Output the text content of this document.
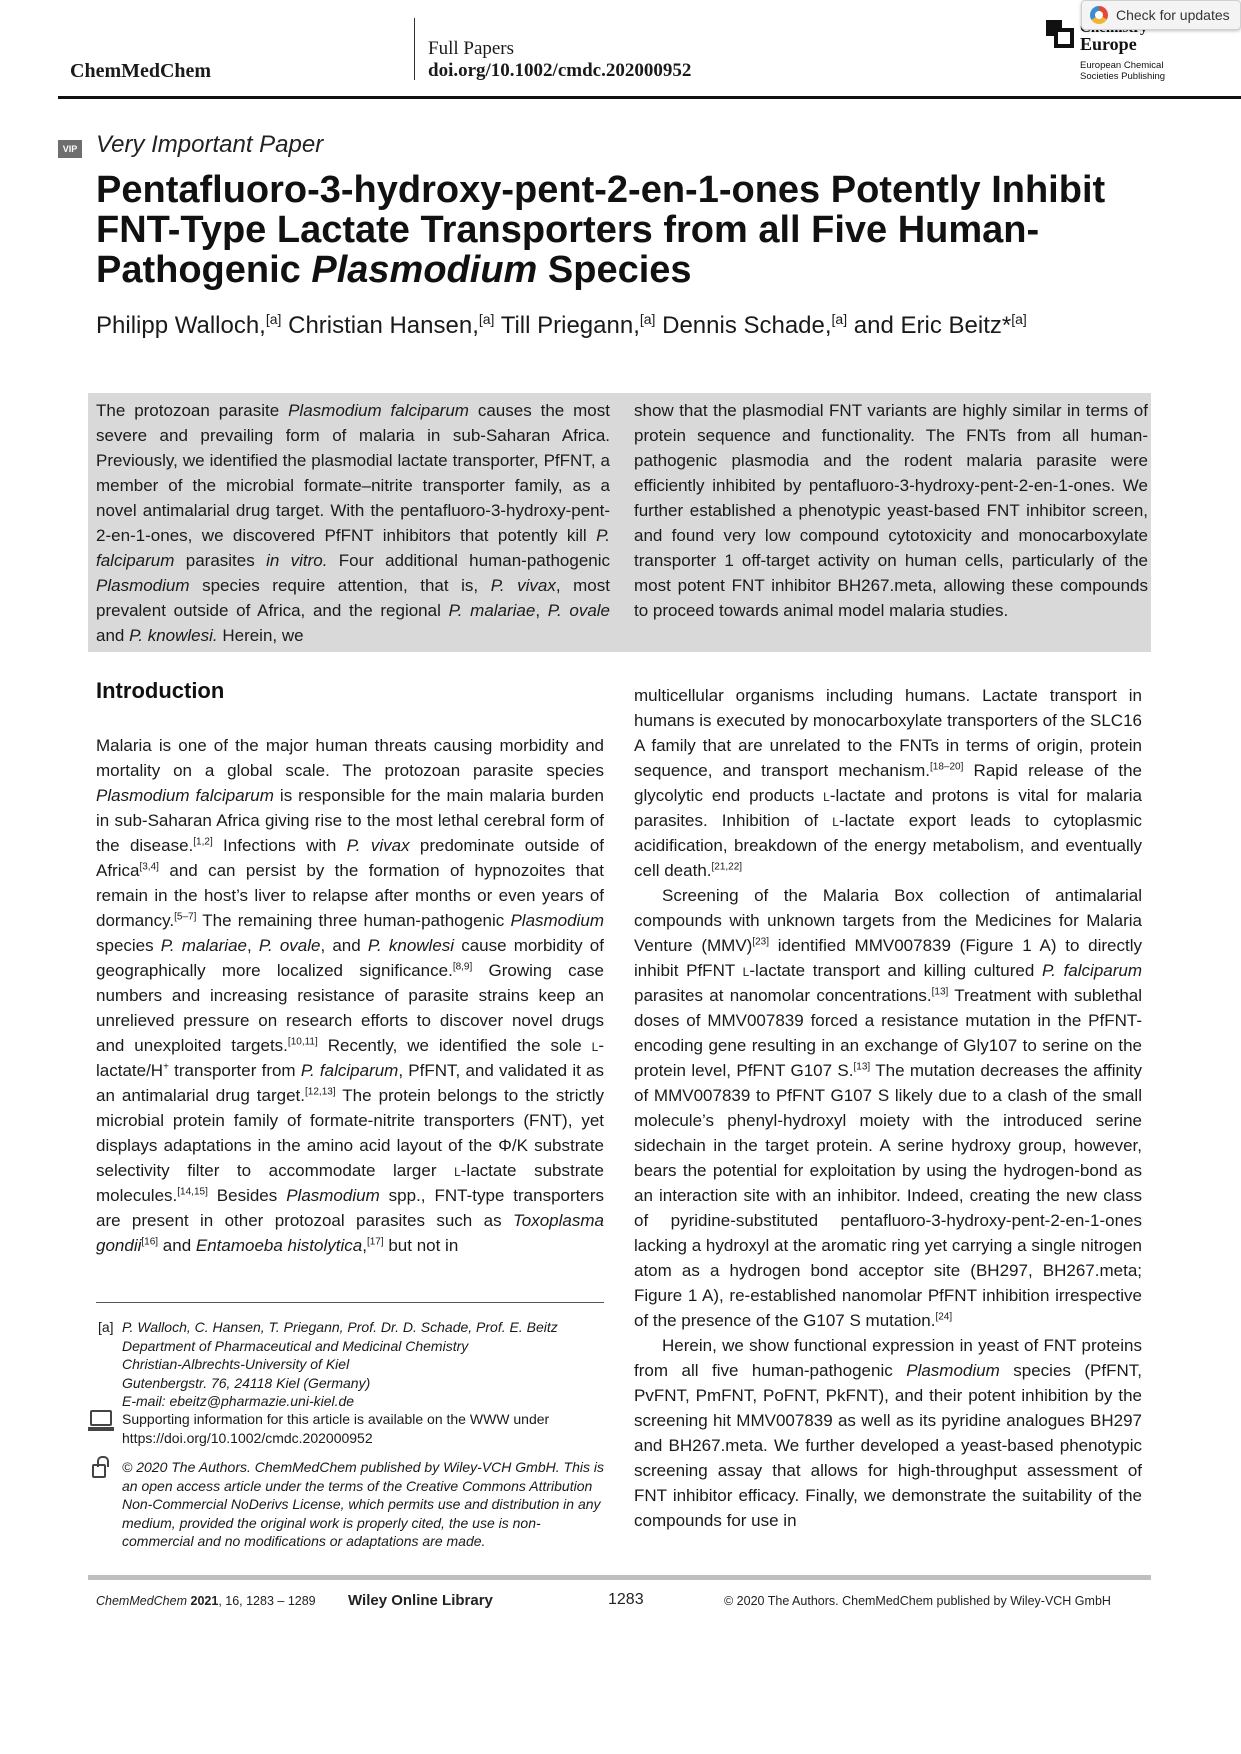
ChemMedChem
Full Papers
doi.org/10.1002/cmdc.202000952
Europe
European Chemical
Societies Publishing
Check for updates
VIP Very Important Paper
Pentafluoro-3-hydroxy-pent-2-en-1-ones Potently Inhibit FNT-Type Lactate Transporters from all Five Human-Pathogenic Plasmodium Species
Philipp Walloch,[a] Christian Hansen,[a] Till Priegann,[a] Dennis Schade,[a] and Eric Beitz*[a]
The protozoan parasite Plasmodium falciparum causes the most severe and prevailing form of malaria in sub-Saharan Africa. Previously, we identified the plasmodial lactate transporter, PfFNT, a member of the microbial formate–nitrite transporter family, as a novel antimalarial drug target. With the pentafluoro-3-hydroxy-pent-2-en-1-ones, we discovered PfFNT inhibitors that potently kill P. falciparum parasites in vitro. Four additional human-pathogenic Plasmodium species require attention, that is, P. vivax, most prevalent outside of Africa, and the regional P. malariae, P. ovale and P. knowlesi. Herein, we
show that the plasmodial FNT variants are highly similar in terms of protein sequence and functionality. The FNTs from all human-pathogenic plasmodia and the rodent malaria parasite were efficiently inhibited by pentafluoro-3-hydroxy-pent-2-en-1-ones. We further established a phenotypic yeast-based FNT inhibitor screen, and found very low compound cytotoxicity and monocarboxylate transporter 1 off-target activity on human cells, particularly of the most potent FNT inhibitor BH267.meta, allowing these compounds to proceed towards animal model malaria studies.
Introduction

Malaria is one of the major human threats causing morbidity and mortality on a global scale. The protozoan parasite species Plasmodium falciparum is responsible for the main malaria burden in sub-Saharan Africa giving rise to the most lethal cerebral form of the disease.[1,2] Infections with P. vivax predominate outside of Africa[3,4] and can persist by the formation of hypnozoites that remain in the host’s liver to relapse after months or even years of dormancy.[5–7] The remaining three human-pathogenic Plasmodium species P. malariae, P. ovale, and P. knowlesi cause morbidity of geographically more localized significance.[8,9] Growing case numbers and increasing resistance of parasite strains keep an unrelieved pressure on research efforts to discover novel drugs and unexploited targets.[10,11] Recently, we identified the sole l-lactate/H+ transporter from P. falciparum, PfFNT, and validated it as an antimalarial drug target.[12,13] The protein belongs to the strictly microbial protein family of formate-nitrite transporters (FNT), yet displays adaptations in the amino acid layout of the Φ/K substrate selectivity filter to accommodate larger l-lactate substrate molecules.[14,15] Besides Plasmodium spp., FNT-type transporters are present in other protozoal parasites such as Toxoplasma gondii[16] and Entamoeba histolytica,[17] but not in

multicellular organisms including humans. Lactate transport in humans is executed by monocarboxylate transporters of the SLC16 A family that are unrelated to the FNTs in terms of origin, protein sequence, and transport mechanism.[18–20] Rapid release of the glycolytic end products l-lactate and protons is vital for malaria parasites. Inhibition of l-lactate export leads to cytoplasmic acidification, breakdown of the energy metabolism, and eventually cell death.[21,22]

Screening of the Malaria Box collection of antimalarial compounds with unknown targets from the Medicines for Malaria Venture (MMV)[23] identified MMV007839 (Figure 1 A) to directly inhibit PfFNT l-lactate transport and killing cultured P. falciparum parasites at nanomolar concentrations.[13] Treatment with sublethal doses of MMV007839 forced a resistance mutation in the PfFNT-encoding gene resulting in an exchange of Gly107 to serine on the protein level, PfFNT G107 S.[13] The mutation decreases the affinity of MMV007839 to PfFNT G107 S likely due to a clash of the small molecule’s phenyl-hydroxyl moiety with the introduced serine sidechain in the target protein. A serine hydroxy group, however, bears the potential for exploitation by using the hydrogen-bond as an interaction site with an inhibitor. Indeed, creating the new class of pyridine-substituted pentafluoro-3-hydroxy-pent-2-en-1-ones lacking a hydroxyl at the aromatic ring yet carrying a single nitrogen atom as a hydrogen bond acceptor site (BH297, BH267.meta; Figure 1 A), re-established nanomolar PfFNT inhibition irrespective of the presence of the G107 S mutation.[24]

Herein, we show functional expression in yeast of FNT proteins from all five human-pathogenic Plasmodium species (PfFNT, PvFNT, PmFNT, PoFNT, PkFNT), and their potent inhibition by the screening hit MMV007839 as well as its pyridine analogues BH297 and BH267.meta. We further developed a yeast-based phenotypic screening assay that allows for high-throughput assessment of FNT inhibitor efficacy. Finally, we demonstrate the suitability of the compounds for use in

[a] P. Walloch, C. Hansen, T. Priegann, Prof. Dr. D. Schade, Prof. E. Beitz
Department of Pharmaceutical and Medicinal Chemistry
Christian-Albrechts-University of Kiel
Gutenbergstr. 76, 24118 Kiel (Germany)
E-mail: ebeitz@pharmazie.uni-kiel.de
Supporting information for this article is available on the WWW under https://doi.org/10.1002/cmdc.202000952
© 2020 The Authors. ChemMedChem published by Wiley-VCH GmbH. This is an open access article under the terms of the Creative Commons Attribution Non-Commercial NoDerivs License, which permits use and distribution in any medium, provided the original work is properly cited, the use is non-commercial and no modifications or adaptations are made.
ChemMedChem 2021, 16, 1283 – 1289 Wiley Online Library	1283	© 2020 The Authors. ChemMedChem published by Wiley-VCH GmbH
